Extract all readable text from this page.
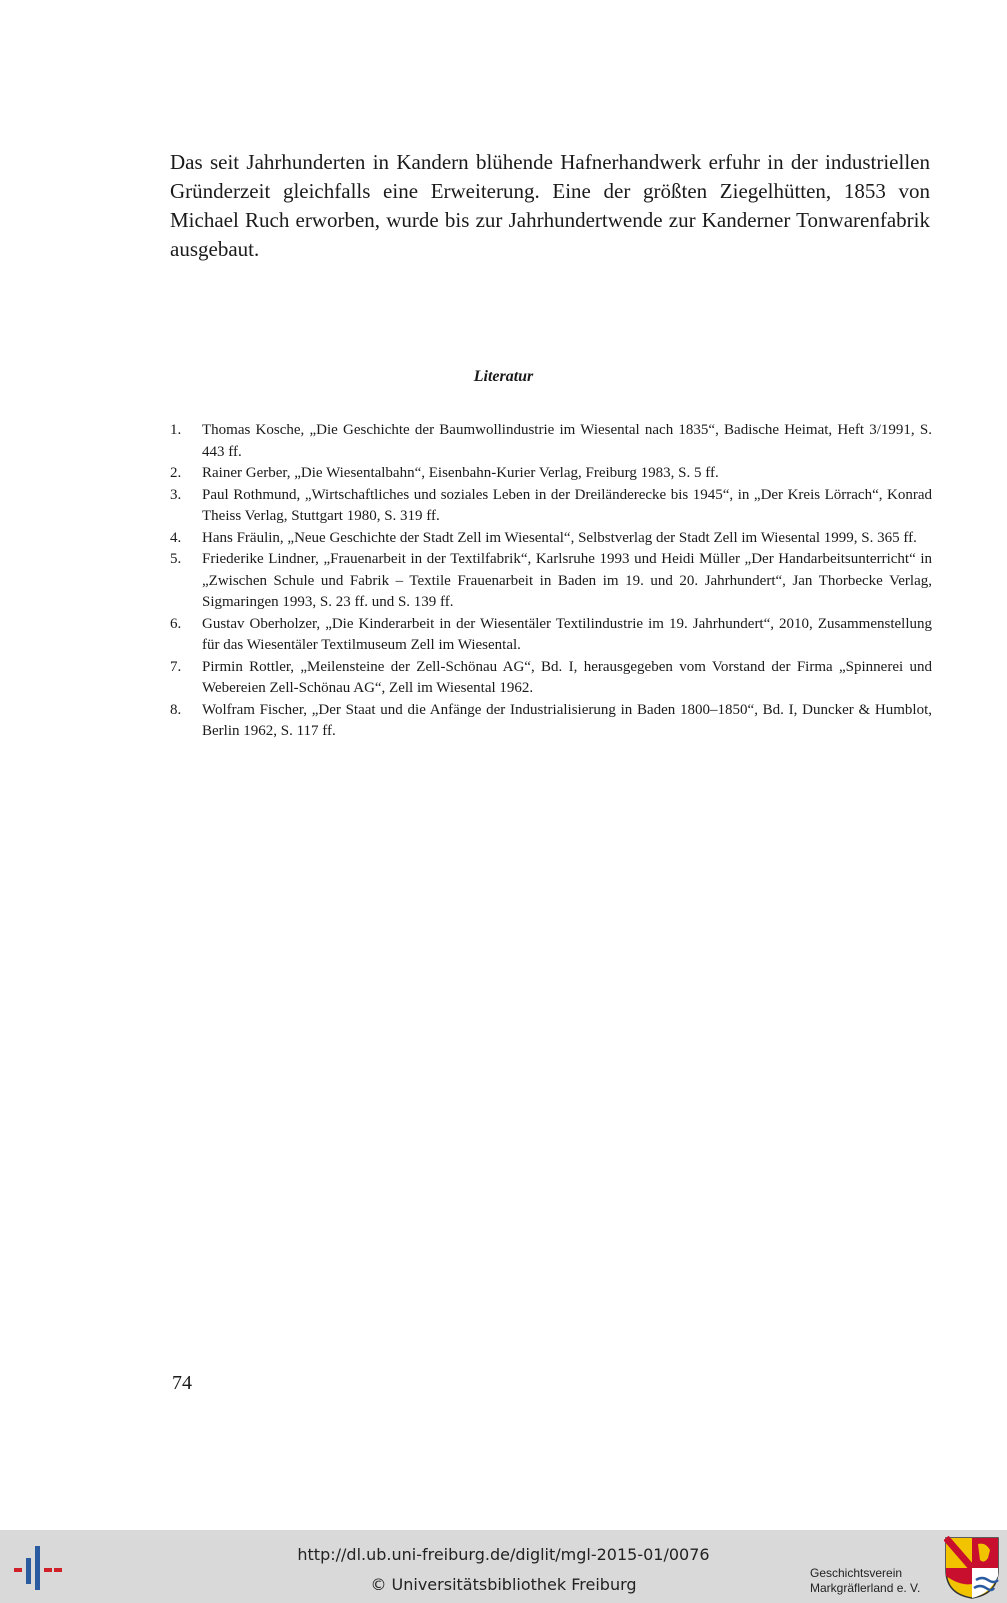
Das seit Jahrhunderten in Kandern blühende Hafnerhandwerk erfuhr in der industriellen Gründerzeit gleichfalls eine Erweiterung. Eine der größten Ziegelhütten, 1853 von Michael Ruch erworben, wurde bis zur Jahrhundertwende zur Kanderner Tonwarenfabrik ausgebaut.

Literatur
1.	Thomas Kosche, „Die Geschichte der Baumwollindustrie im Wiesental nach 1835“, Badische Heimat, Heft 3/1991, S. 443 ff.
2.	Rainer Gerber, „Die Wiesentalbahn“, Eisenbahn-Kurier Verlag, Freiburg 1983, S. 5 ff.
3.	Paul Rothmund, „Wirtschaftliches und soziales Leben in der Dreiländerecke bis 1945“, in „Der Kreis Lörrach“, Konrad Theiss Verlag, Stuttgart 1980, S. 319 ff.
4.	Hans Fräulin, „Neue Geschichte der Stadt Zell im Wiesental“, Selbstverlag der Stadt Zell im Wiesental 1999, S. 365 ff.
5.	Friederike Lindner, „Frauenarbeit in der Textilfabrik“, Karlsruhe 1993 und Heidi Müller „Der Handarbeitsunterricht“ in „Zwischen Schule und Fabrik – Textile Frauenarbeit in Baden im 19. und 20. Jahrhundert“, Jan Thorbecke Verlag, Sigmaringen 1993, S. 23 ff. und S. 139 ff.
6.	Gustav Oberholzer, „Die Kinderarbeit in der Wiesentäler Textilindustrie im 19. Jahrhundert“, 2010, Zusammenstellung für das Wiesentäler Textilmuseum Zell im Wiesental.
7.	Pirmin Rottler, „Meilensteine der Zell-Schönau AG“, Bd. I, herausgegeben vom Vorstand der Firma „Spinnerei und Webereien Zell-Schönau AG“, Zell im Wiesental 1962.
8.	Wolfram Fischer, „Der Staat und die Anfänge der Industrialisierung in Baden 1800–1850“, Bd. I, Duncker & Humblot, Berlin 1962, S. 117 ff.
74
http://dl.ub.uni-freiburg.de/diglit/mgl-2015-01/0076
© Universitätsbibliothek Freiburg
Geschichtsverein
Markgräflerland e. V.
